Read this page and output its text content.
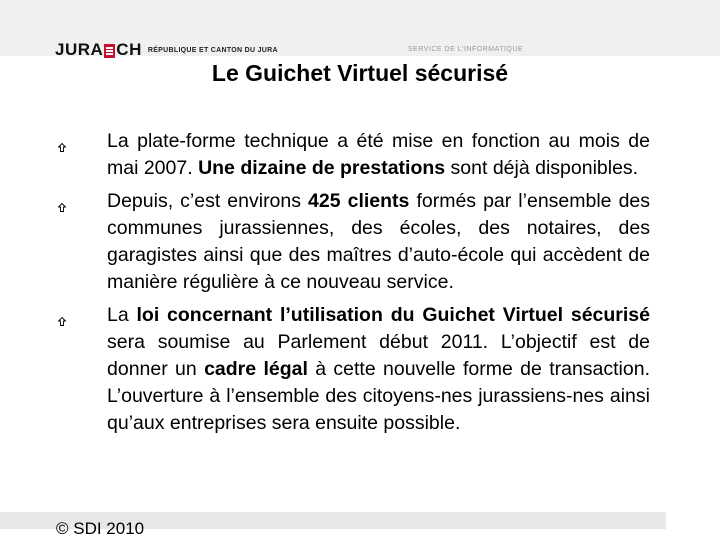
JURA CH RÉPUBLIQUE ET CANTON DU JURA	SERVICE DE L'INFORMATIQUE
Le Guichet Virtuel sécurisé
La plate-forme technique a été mise en fonction au mois de mai 2007. Une dizaine de prestations sont déjà disponibles.
Depuis, c’est environs 425 clients formés par l’ensemble des communes jurassiennes, des écoles, des notaires, des garagistes ainsi que des maîtres d’auto-école qui accèdent de manière régulière à ce nouveau service.
La loi concernant l’utilisation du Guichet Virtuel sécurisé sera soumise au Parlement début 2011. L’objectif est de donner un cadre légal à cette nouvelle forme de transaction. L’ouverture à l’ensemble des citoyens-nes jurassiens-nes ainsi qu’aux entreprises sera ensuite possible.
© SDI 2010
